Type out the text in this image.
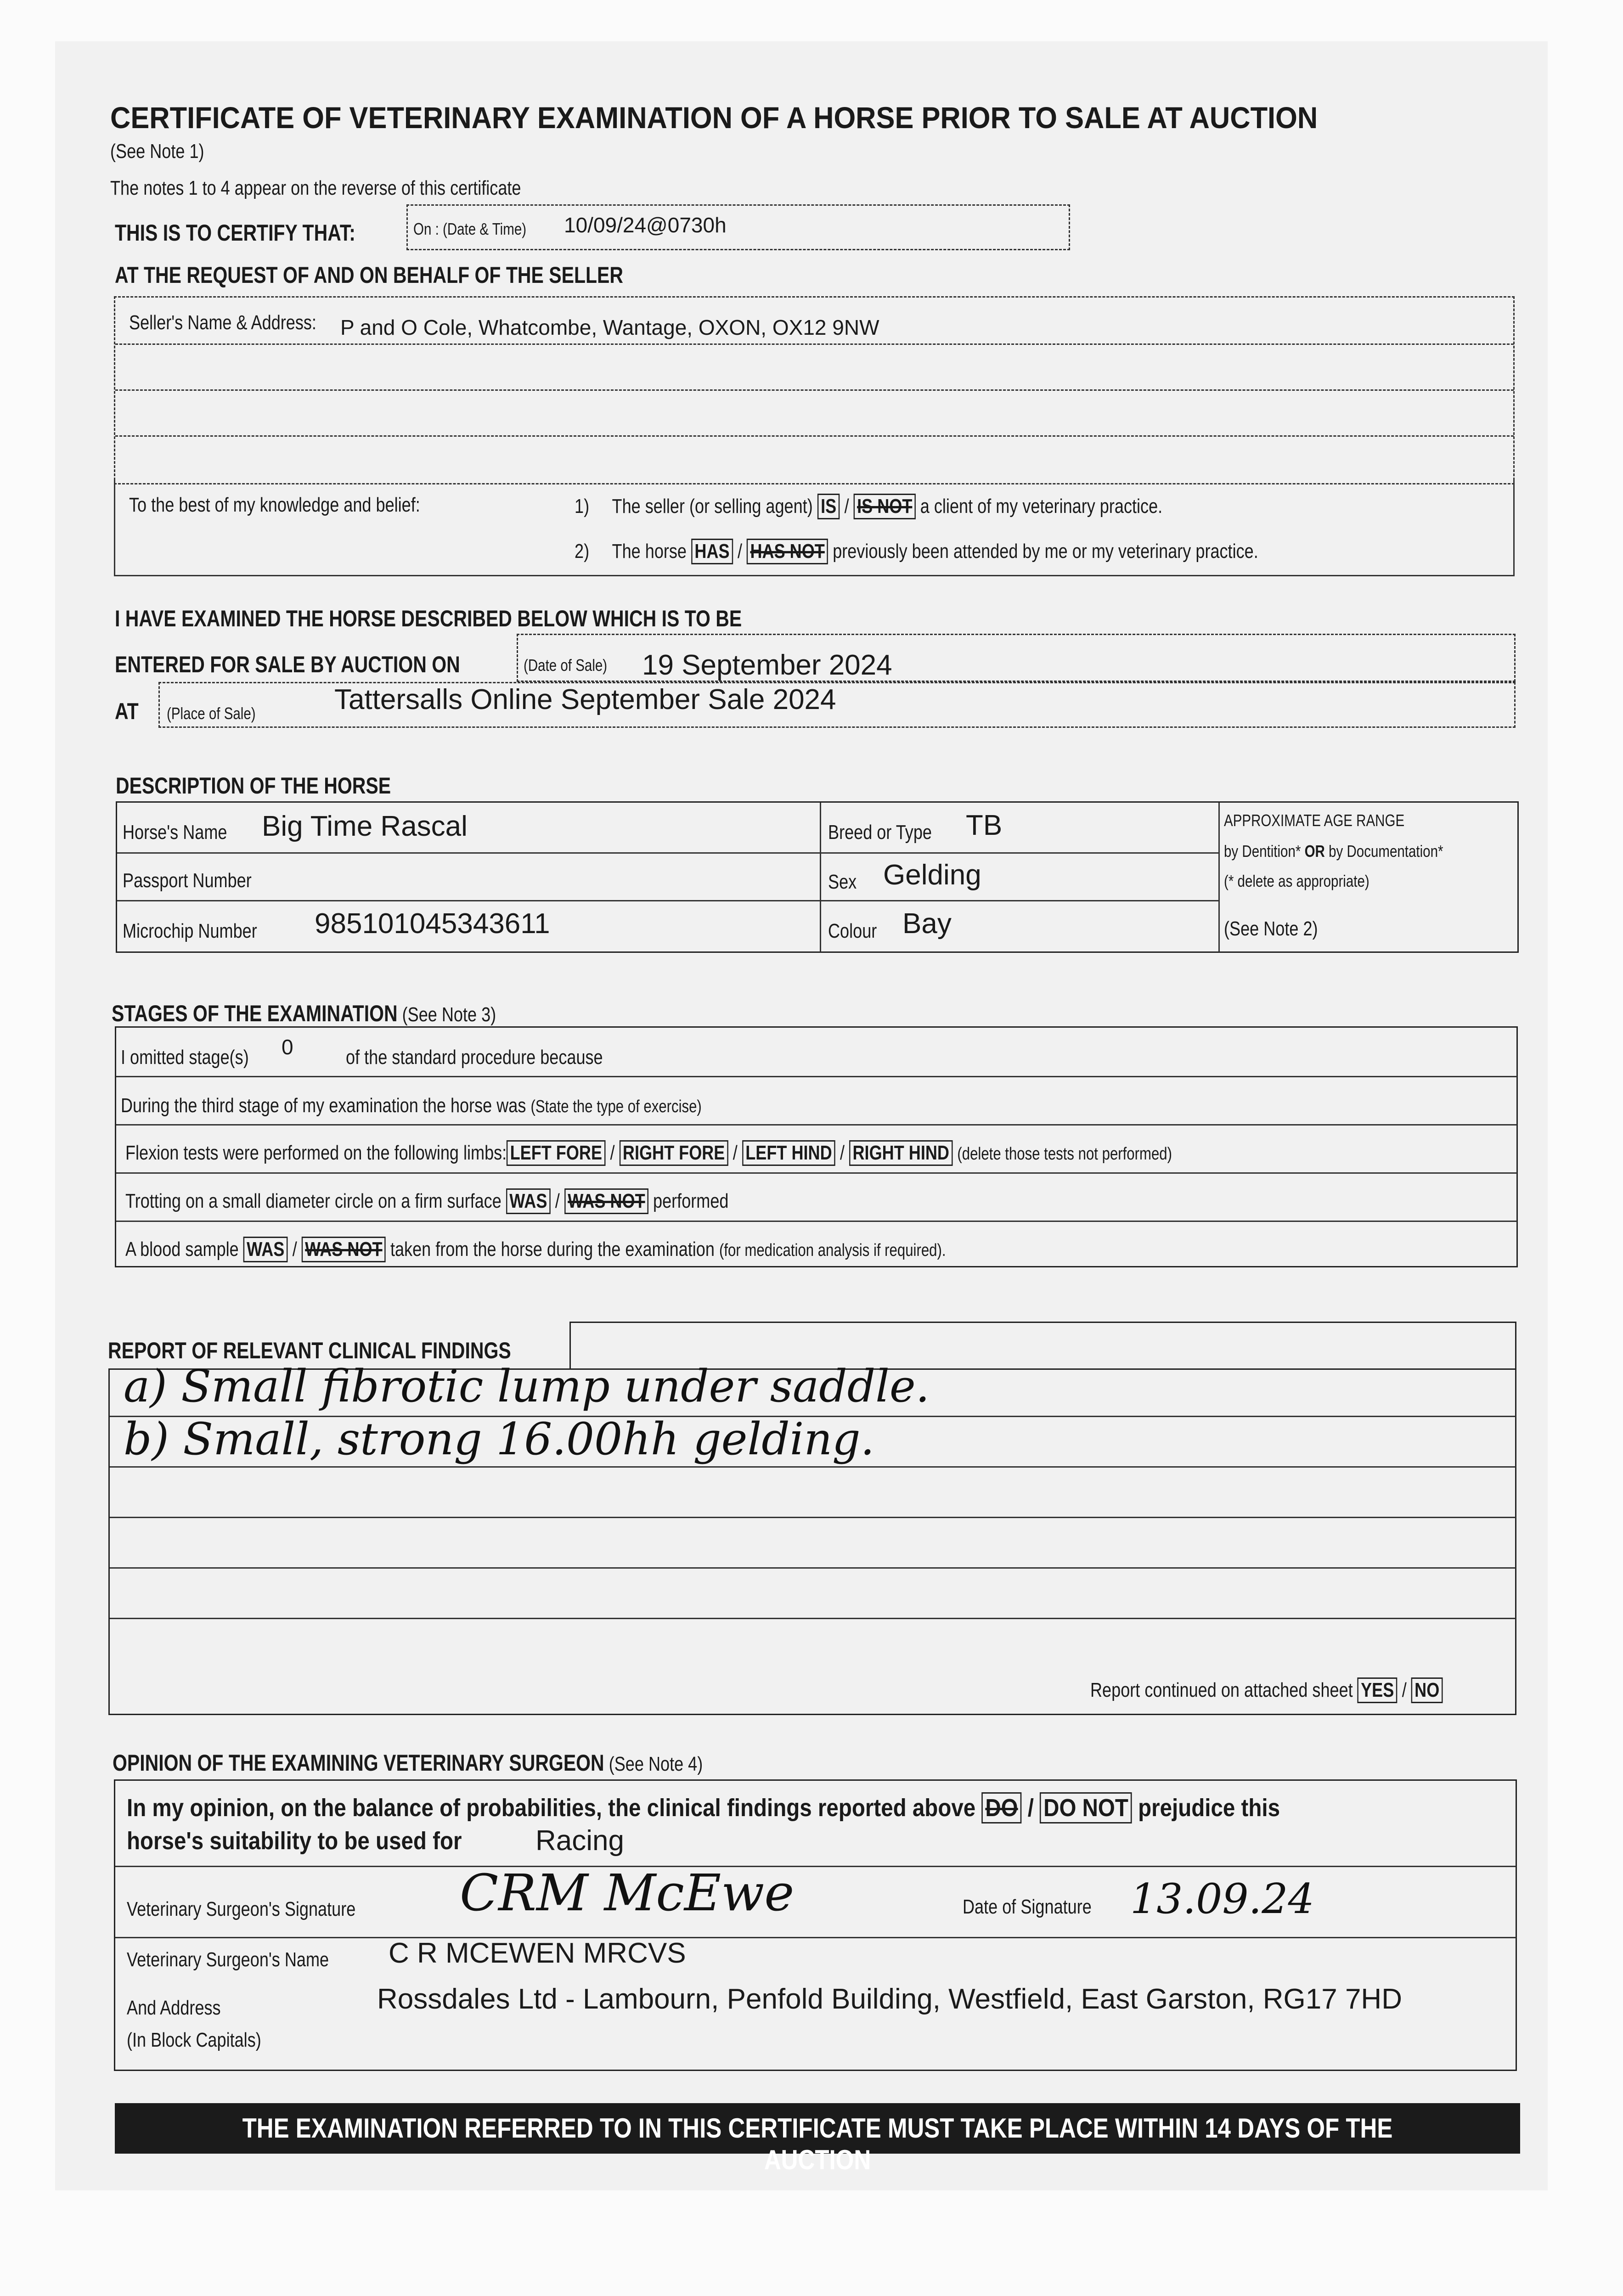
CERTIFICATE OF VETERINARY EXAMINATION OF A HORSE PRIOR TO SALE AT AUCTION
(See Note 1)
The notes 1 to 4 appear on the reverse of this certificate
THIS IS TO CERTIFY THAT:	On : (Date & Time) 10/09/24@0730h
AT THE REQUEST OF AND ON BEHALF OF THE SELLER
Seller's Name & Address: P and O Cole, Whatcombe, Wantage, OXON, OX12 9NW
To the best of my knowledge and belief:	1) The seller (or selling agent) IS / IS NOT a client of my veterinary practice.
2) The horse HAS / HAS NOT previously been attended by me or my veterinary practice.
I HAVE EXAMINED THE HORSE DESCRIBED BELOW WHICH IS TO BE
ENTERED FOR SALE BY AUCTION ON	(Date of Sale) 19 September 2024
AT (Place of Sale)	Tattersalls Online September Sale 2024
DESCRIPTION OF THE HORSE
Horse's Name Big Time Rascal
Passport Number
Microchip Number 985101045343611
Breed or Type TB
Sex Gelding
Colour Bay
APPROXIMATE AGE RANGE
by Dentition* OR by Documentation*
(* delete as appropriate)
(See Note 2)
STAGES OF THE EXAMINATION (See Note 3)
I omitted stage(s) 0	of the standard procedure because
During the third stage of my examination the horse was (State the type of exercise)
Flexion tests were performed on the following limbs: LEFT FORE / RIGHT FORE / LEFT HIND / RIGHT HIND (delete those tests not performed)
Trotting on a small diameter circle on a firm surface WAS / WAS NOT performed
A blood sample WAS / WAS NOT taken from the horse during the examination (for medication analysis if required).
REPORT OF RELEVANT CLINICAL FINDINGS
a) Small fibrotic lump under saddle.
b) Small, strong 16.00hh gelding.
Report continued on attached sheet YES / NO
OPINION OF THE EXAMINING VETERINARY SURGEON (See Note 4)
In my opinion, on the balance of probabilities, the clinical findings reported above DO / DO NOT prejudice this
horse's suitability to be used for	Racing
Veterinary Surgeon's Signature CRM McEwe	Date of Signature 13.09.24
Veterinary Surgeon's Name C R MCEWEN MRCVS
And Address
(In Block Capitals)
Rossdales Ltd - Lambourn, Penfold Building, Westfield, East Garston, RG17 7HD
THE EXAMINATION REFERRED TO IN THIS CERTIFICATE MUST TAKE PLACE WITHIN 14 DAYS OF THE AUCTION
